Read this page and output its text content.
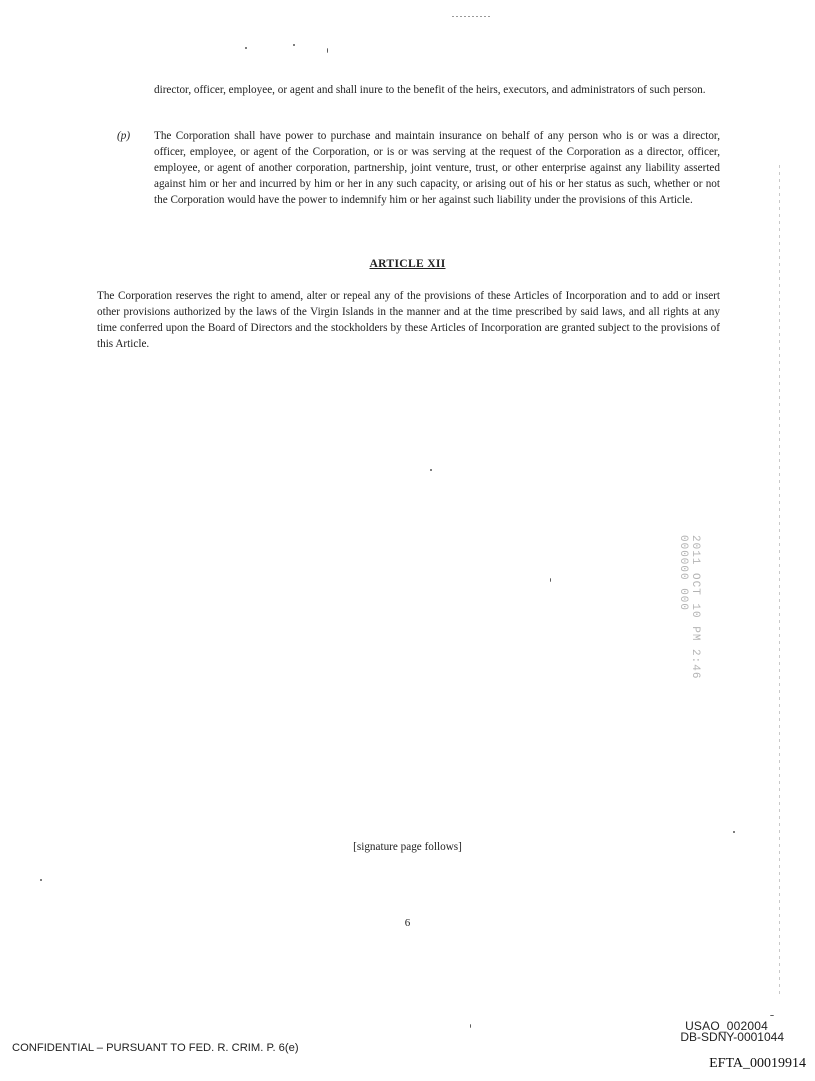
director, officer, employee, or agent and shall inure to the benefit of the heirs, executors, and administrators of such person.

(p) The Corporation shall have power to purchase and maintain insurance on behalf of any person who is or was a director, officer, employee, or agent of the Corporation, or is or was serving at the request of the Corporation as a director, officer, employee, or agent of another corporation, partnership, joint venture, trust, or other enterprise against any liability asserted against him or her and incurred by him or her in any such capacity, or arising out of his or her status as such, whether or not the Corporation would have the power to indemnify him or her against such liability under the provisions of this Article.

ARTICLE XII

The Corporation reserves the right to amend, alter or repeal any of the provisions of these Articles of Incorporation and to add or insert other provisions authorized by the laws of the Virgin Islands in the manner and at the time prescribed by said laws, and all rights at any time conferred upon the Board of Directors and the stockholders by these Articles of Incorporation are granted subject to the provisions of this Article.

2011 OCT 10 PM 2:46
000000 000

[signature page follows]

6

CONFIDENTIAL – PURSUANT TO FED. R. CRIM. P. 6(e)

USAO_002004

DB-SDNY-0001044

EFTA_00019914
